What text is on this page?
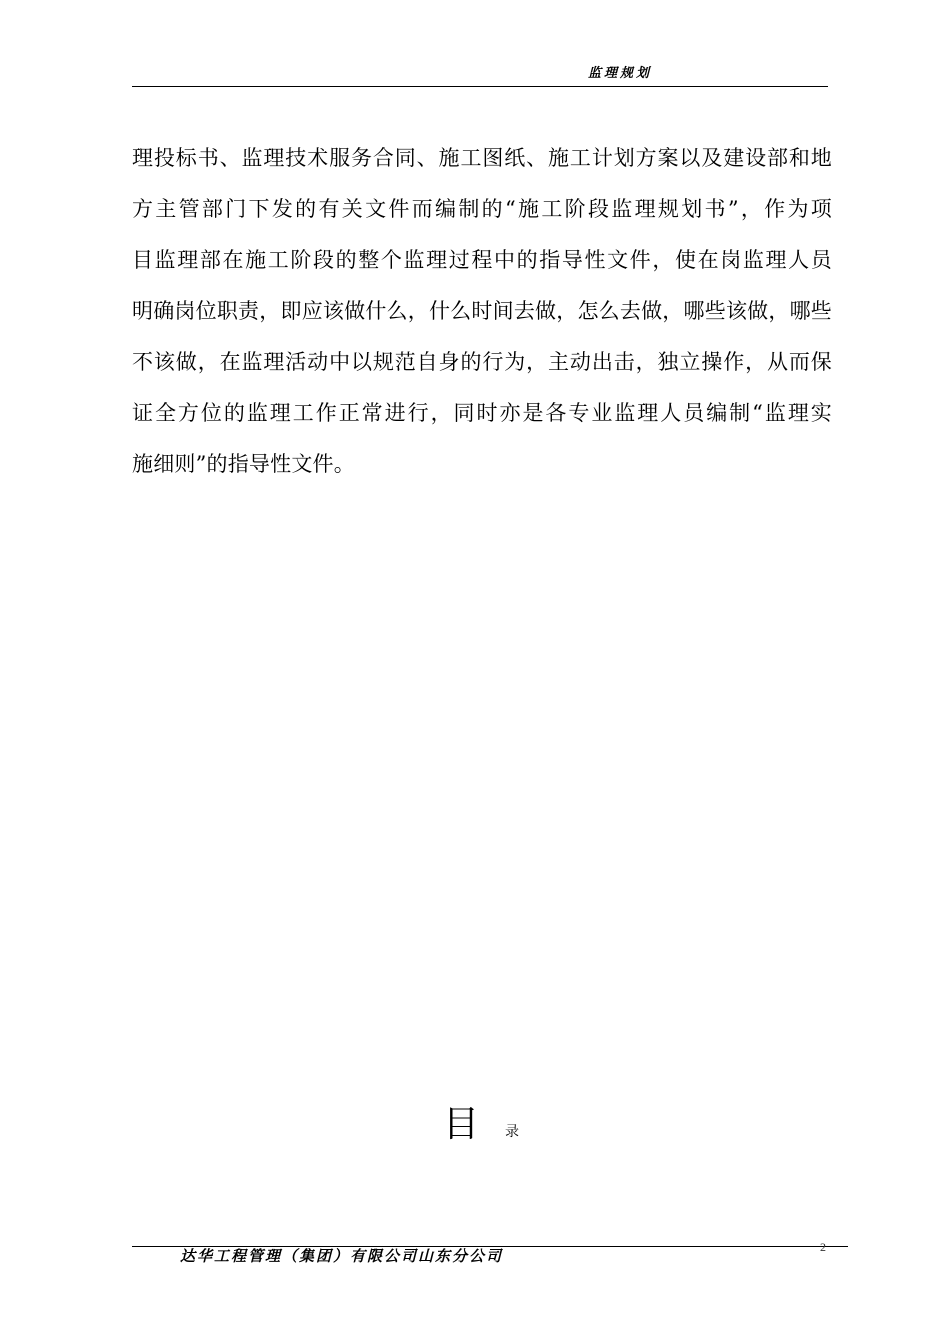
监理规划
理投标书、监理技术服务合同、施工图纸、施工计划方案以及建设部和地
方主管部门下发的有关文件而编制的“施工阶段监理规划书”，作为项
目监理部在施工阶段的整个监理过程中的指导性文件，使在岗监理人员
明确岗位职责，即应该做什么，什么时间去做，怎么去做，哪些该做，哪些
不该做，在监理活动中以规范自身的行为，主动出击，独立操作，从而保
证全方位的监理工作正常进行，同时亦是各专业监理人员编制“监理实
施细则”的指导性文件。
目 录
达华工程管理（集团）有限公司山东分公司	2
